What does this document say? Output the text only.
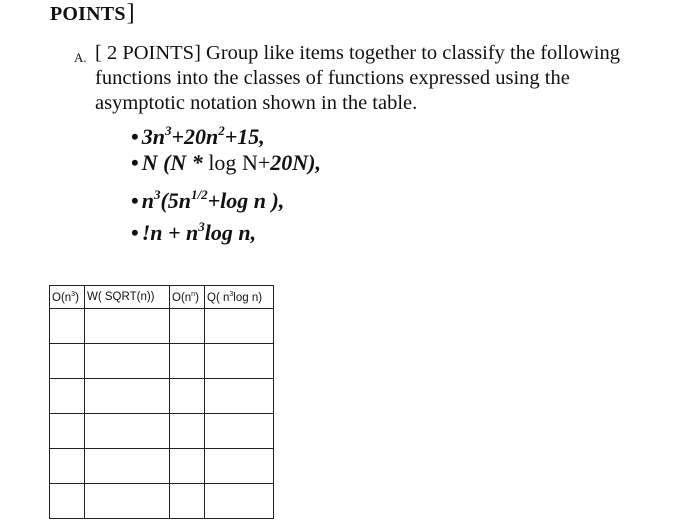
POINTS]
A. [ 2 POINTS] Group like items together to classify the following functions into the classes of functions expressed using the asymptotic notation shown in the table.
• $3n^3+20n^2+15$,
• N (N * log N+20N),
• $n^3(5n^{1/2}+\log$ n ),
• $!n + n^3\log$ n,
$O(n^3)$	W( SQRT(n))	$O(n^n)$	Q( $n^3\log$ n)
